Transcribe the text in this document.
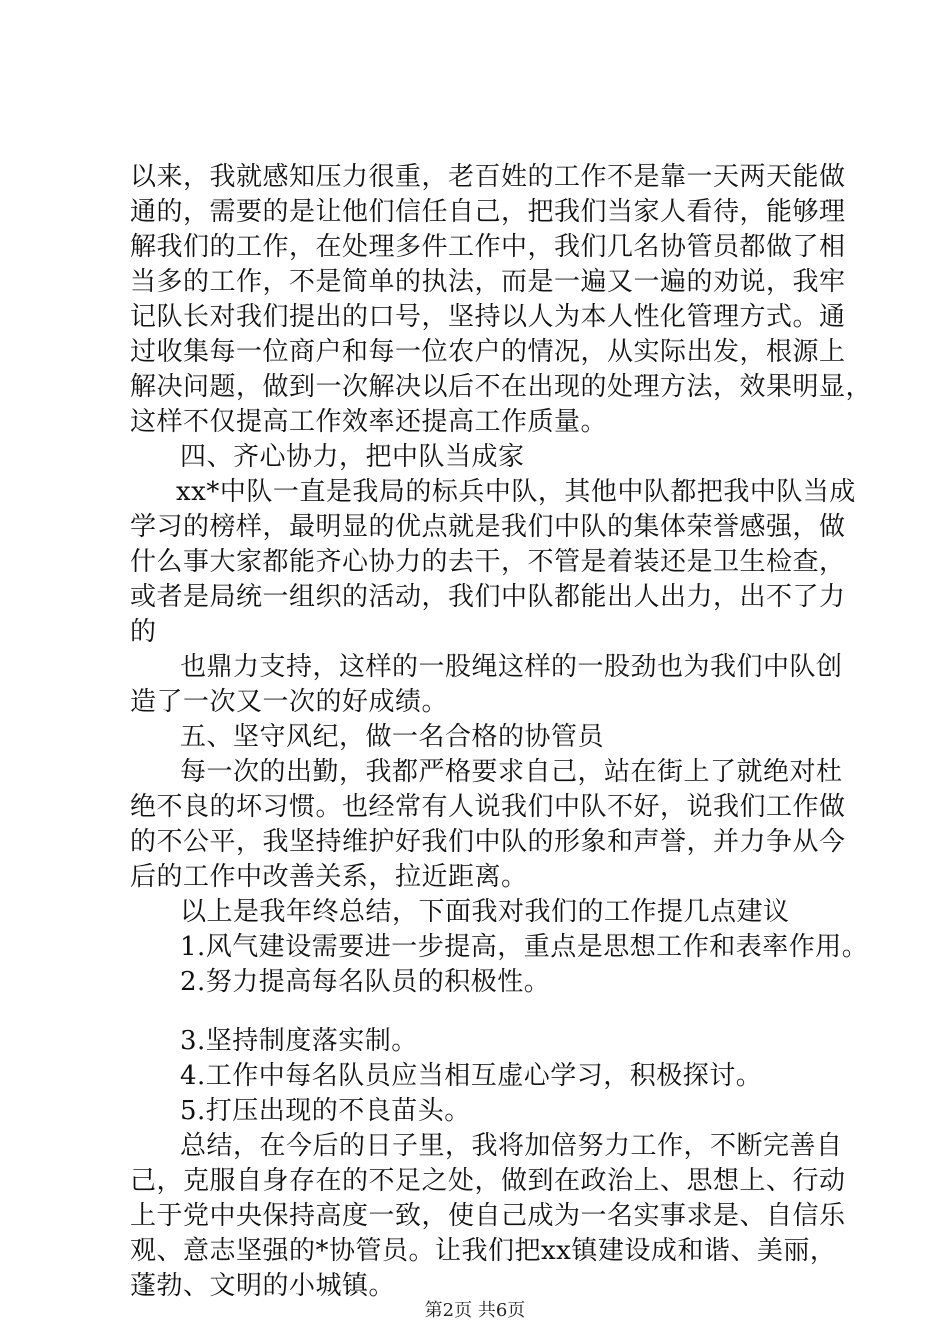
以来，我就感知压力很重，老百姓的工作不是靠一天两天能做
通的，需要的是让他们信任自己，把我们当家人看待，能够理
解我们的工作，在处理多件工作中，我们几名协管员都做了相
当多的工作，不是简单的执法，而是一遍又一遍的劝说，我牢
记队长对我们提出的口号，坚持以人为本人性化管理方式。通
过收集每一位商户和每一位农户的情况，从实际出发，根源上
解决问题，做到一次解决以后不在出现的处理方法，效果明显，
这样不仅提高工作效率还提高工作质量。
四、齐心协力，把中队当成家
xx*中队一直是我局的标兵中队，其他中队都把我中队当成
学习的榜样，最明显的优点就是我们中队的集体荣誉感强，做
什么事大家都能齐心协力的去干，不管是着装还是卫生检查，
或者是局统一组织的活动，我们中队都能出人出力，出不了力
的
也鼎力支持，这样的一股绳这样的一股劲也为我们中队创
造了一次又一次的好成绩。
五、坚守风纪，做一名合格的协管员
每一次的出勤，我都严格要求自己，站在街上了就绝对杜
绝不良的坏习惯。也经常有人说我们中队不好，说我们工作做
的不公平，我坚持维护好我们中队的形象和声誉，并力争从今
后的工作中改善关系，拉近距离。
以上是我年终总结，下面我对我们的工作提几点建议
1.风气建设需要进一步提高，重点是思想工作和表率作用。
2.努力提高每名队员的积极性。
3.坚持制度落实制。
4.工作中每名队员应当相互虚心学习，积极探讨。
5.打压出现的不良苗头。
总结，在今后的日子里，我将加倍努力工作，不断完善自
己，克服自身存在的不足之处，做到在政治上、思想上、行动
上于党中央保持高度一致，使自己成为一名实事求是、自信乐
观、意志坚强的*协管员。让我们把xx镇建设成和谐、美丽，
蓬勃、文明的小城镇。
第2页 共6页
